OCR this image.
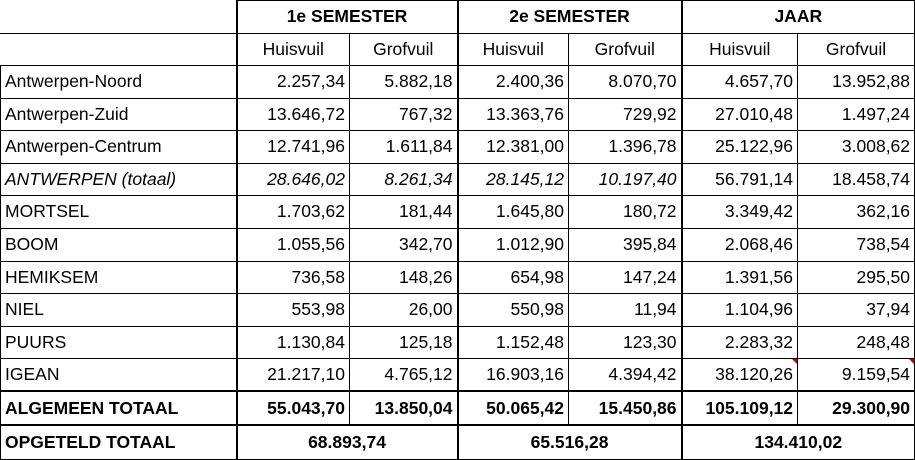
	1e SEMESTER		2e SEMESTER		JAAR	
	Huisvuil	Grofvuil	Huisvuil	Grofvuil	Huisvuil	Grofvuil
Antwerpen-Noord	2.257,34	5.882,18	2.400,36	8.070,70	4.657,70	13.952,88
Antwerpen-Zuid	13.646,72	767,32	13.363,76	729,92	27.010,48	1.497,24
Antwerpen-Centrum	12.741,96	1.611,84	12.381,00	1.396,78	25.122,96	3.008,62
ANTWERPEN (totaal)	28.646,02	8.261,34	28.145,12	10.197,40	56.791,14	18.458,74
MORTSEL	1.703,62	181,44	1.645,80	180,72	3.349,42	362,16
BOOM	1.055,56	342,70	1.012,90	395,84	2.068,46	738,54
HEMIKSEM	736,58	148,26	654,98	147,24	1.391,56	295,50
NIEL	553,98	26,00	550,98	11,94	1.104,96	37,94
PUURS	1.130,84	125,18	1.152,48	123,30	2.283,32	248,48
IGEAN	21.217,10	4.765,12	16.903,16	4.394,42	38.120,26	9.159,54
ALGEMEEN TOTAAL	55.043,70	13.850,04	50.065,42	15.450,86	105.109,12	29.300,90
OPGETELD TOTAAL	68.893,74		65.516,28		134.410,02	
